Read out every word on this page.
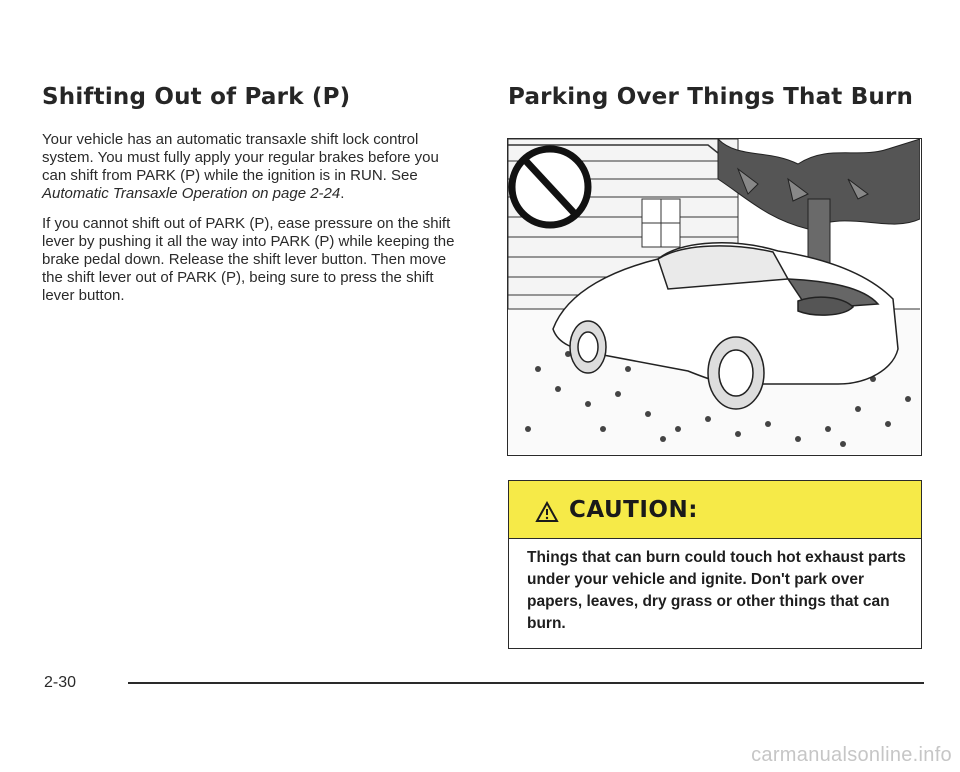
Shifting Out of Park (P)

Your vehicle has an automatic transaxle shift lock control system. You must fully apply your regular brakes before you can shift from PARK (P) while the ignition is in RUN. See Automatic Transaxle Operation on page 2-24.

If you cannot shift out of PARK (P), ease pressure on the shift lever by pushing it all the way into PARK (P) while keeping the brake pedal down. Release the shift lever button. Then move the shift lever out of PARK (P), being sure to press the shift lever button.

Parking Over Things That Burn
CAUTION:

Things that can burn could touch hot exhaust parts under your vehicle and ignite. Don't park over papers, leaves, dry grass or other things that can burn.

2-30
carmanualsonline.info
